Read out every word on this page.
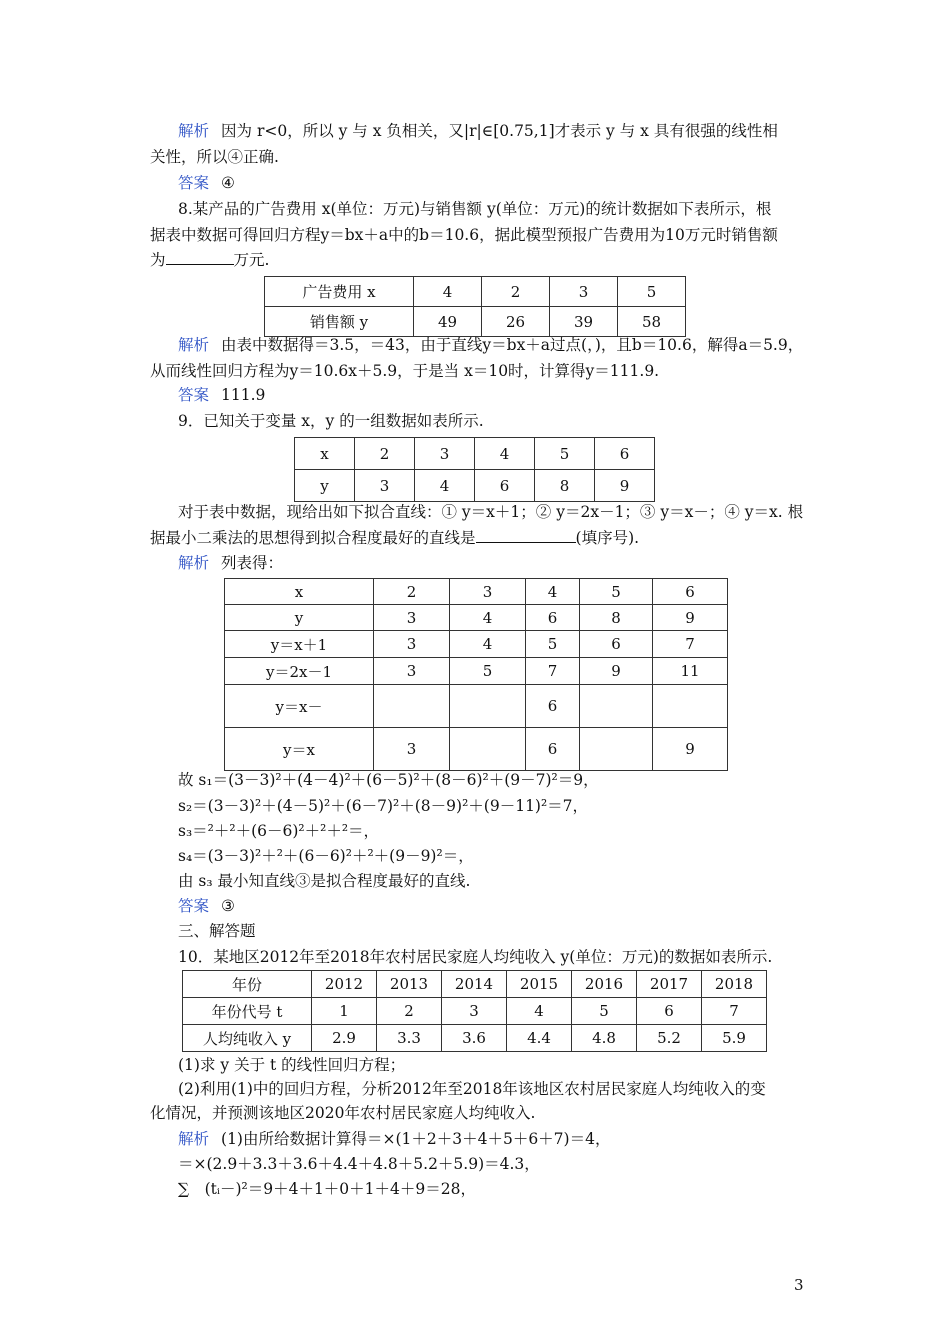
解析 因为 r<0，所以 y 与 x 负相关，又|r|∈[0.75,1]才表示 y 与 x 具有很强的线性相
关性，所以④正确.
答案 ④
8.某产品的广告费用 x(单位：万元)与销售额 y(单位：万元)的统计数据如下表所示，根
据表中数据可得回归方程y＝bx＋a中的b＝10.6，据此模型预报广告费用为10万元时销售额
为	万元.
广告费用 x	4	2	3	5
销售额 y	49	26	39	58
解析 由表中数据得＝3.5，＝43，由于直线y＝bx＋a过点(，)，且b＝10.6，解得a＝5.9，
从而线性回归方程为y＝10.6x＋5.9，于是当 x＝10时，计算得y＝111.9.
答案 111.9
9．已知关于变量 x，y 的一组数据如表所示.
x	2	3	4	5	6
y	3	4	6	8	9
对于表中数据，现给出如下拟合直线：① y＝x＋1；② y＝2x－1；③ y＝x－；④ y＝x. 根
据最小二乘法的思想得到拟合程度最好的直线是	(填序号).
解析 列表得：
x	2	3	4	5	6
y	3	4	6	8	9
y＝x＋1	3	4	5	6	7
y＝2x－1	3	5	7	9	11
y＝x－			6		
y＝x	3		6		9
故 s₁＝(3－3)²＋(4－4)²＋(6－5)²＋(8－6)²＋(9－7)²＝9，
s₂＝(3－3)²＋(4－5)²＋(6－7)²＋(8－9)²＋(9－11)²＝7，
s₃＝²＋²＋(6－6)²＋²＋²＝，
s₄＝(3－3)²＋²＋(6－6)²＋²＋(9－9)²＝，
由 s₃ 最小知直线③是拟合程度最好的直线.
答案 ③
三、解答题
10．某地区2012年至2018年农村居民家庭人均纯收入 y(单位：万元)的数据如表所示.
年份	2012	2013	2014	2015	2016	2017	2018
年份代号 t	1	2	3	4	5	6	7
人均纯收入 y	2.9	3.3	3.6	4.4	4.8	5.2	5.9
(1)求 y 关于 t 的线性回归方程；
(2)利用(1)中的回归方程，分析2012年至2018年该地区农村居民家庭人均纯收入的变
化情况，并预测该地区2020年农村居民家庭人均纯收入.
解析 (1)由所给数据计算得＝×(1＋2＋3＋4＋5＋6＋7)＝4，
＝×(2.9＋3.3＋3.6＋4.4＋4.8＋5.2＋5.9)＝4.3，
∑　(tᵢ－)²＝9＋4＋1＋0＋1＋4＋9＝28，
3
